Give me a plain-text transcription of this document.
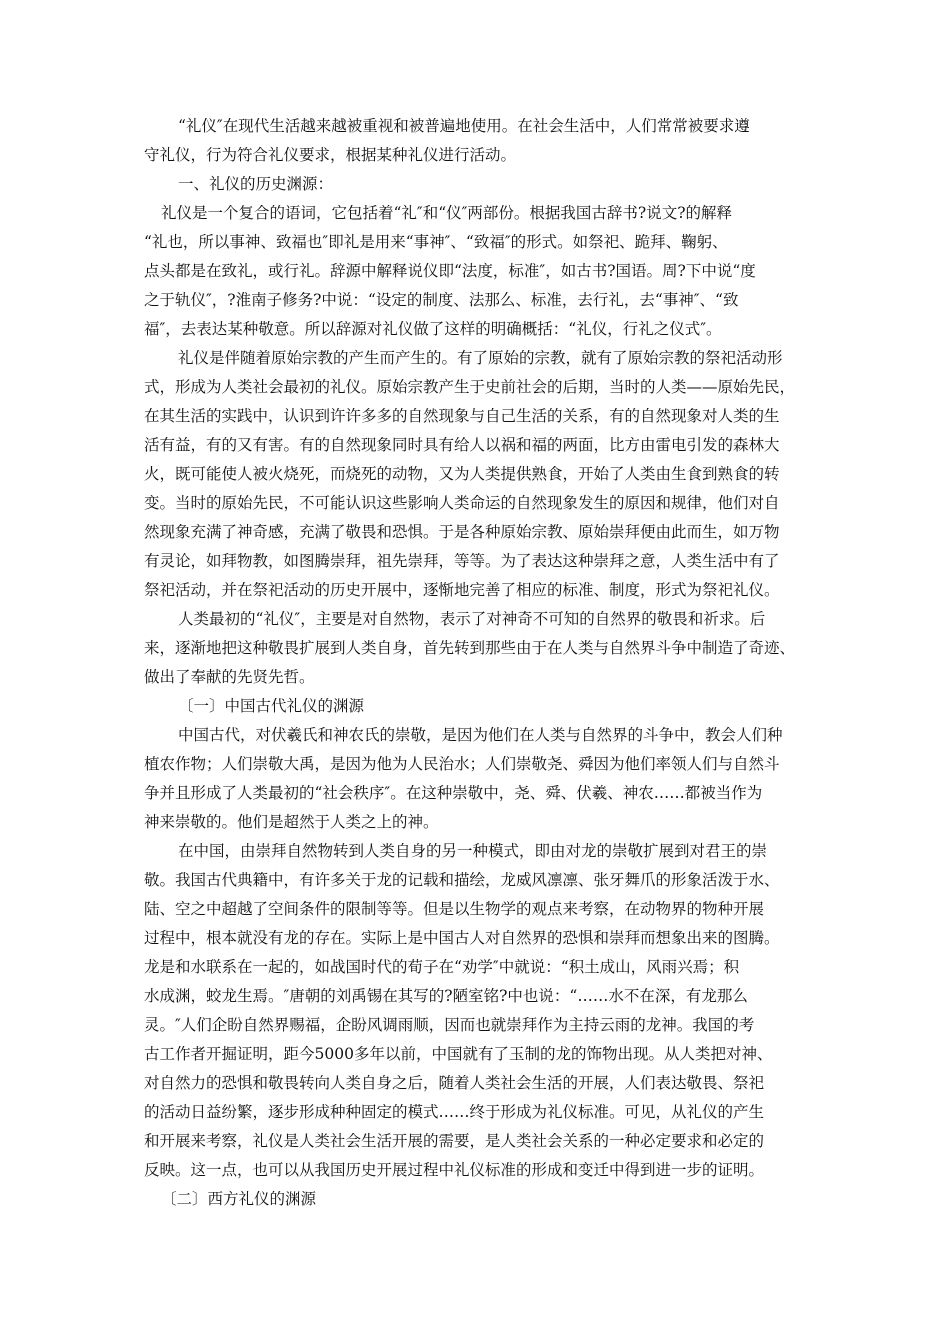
“礼仪″在现代生活越来越被重视和被普遍地使用。在社会生活中，人们常常被要求遵

守礼仪，行为符合礼仪要求，根据某种礼仪进行活动。

一、礼仪的历史渊源：

礼仪是一个复合的语词，它包括着“礼″和“仪″两部份。根据我国古辞书?说文?的解释

“礼也，所以事神、致福也″即礼是用来“事神″、“致福″的形式。如祭祀、跪拜、鞠躬、

点头都是在致礼，或行礼。辞源中解释说仪即“法度，标准″，如古书?国语。周?下中说“度

之于轨仪″，?淮南子修务?中说：“设定的制度、法那么、标准，去行礼，去“事神″、“致

福″，去表达某种敬意。所以辞源对礼仪做了这样的明确概括：“礼仪，行礼之仪式″。

礼仪是伴随着原始宗教的产生而产生的。有了原始的宗教，就有了原始宗教的祭祀活动形

式，形成为人类社会最初的礼仪。原始宗教产生于史前社会的后期，当时的人类——原始先民，

在其生活的实践中，认识到许许多多的自然现象与自己生活的关系，有的自然现象对人类的生

活有益，有的又有害。有的自然现象同时具有给人以祸和福的两面，比方由雷电引发的森林大

火，既可能使人被火烧死，而烧死的动物，又为人类提供熟食，开始了人类由生食到熟食的转

变。当时的原始先民，不可能认识这些影响人类命运的自然现象发生的原因和规律，他们对自

然现象充满了神奇感，充满了敬畏和恐惧。于是各种原始宗教、原始崇拜便由此而生，如万物

有灵论，如拜物教，如图腾崇拜，祖先崇拜，等等。为了表达这种崇拜之意，人类生活中有了

祭祀活动，并在祭祀活动的历史开展中，逐惭地完善了相应的标准、制度，形式为祭祀礼仪。

人类最初的“礼仪″，主要是对自然物，表示了对神奇不可知的自然界的敬畏和祈求。后

来，逐渐地把这种敬畏扩展到人类自身，首先转到那些由于在人类与自然界斗争中制造了奇迹、

做出了奉献的先贤先哲。

〔一〕中国古代礼仪的渊源

中国古代，对伏羲氏和神农氏的崇敬，是因为他们在人类与自然界的斗争中，教会人们种

植农作物；人们崇敬大禹，是因为他为人民治水；人们崇敬尧、舜因为他们率领人们与自然斗

争并且形成了人类最初的“社会秩序″。在这种崇敬中，尧、舜、伏羲、神农……都被当作为

神来崇敬的。他们是超然于人类之上的神。

在中国，由崇拜自然物转到人类自身的另一种模式，即由对龙的崇敬扩展到对君王的崇

敬。我国古代典籍中，有许多关于龙的记载和描绘，龙威风凛凛、张牙舞爪的形象活泼于水、

陆、空之中超越了空间条件的限制等等。但是以生物学的观点来考察，在动物界的物种开展

过程中，根本就没有龙的存在。实际上是中国古人对自然界的恐惧和崇拜而想象出来的图腾。

龙是和水联系在一起的，如战国时代的荀子在“劝学″中就说：“积土成山，风雨兴焉；积

水成渊，蛟龙生焉。″唐朝的刘禹锡在其写的?陋室铭?中也说：“……水不在深，有龙那么

灵。″人们企盼自然界赐福，企盼风调雨顺，因而也就崇拜作为主持云雨的龙神。我国的考

古工作者开掘证明，距今5000多年以前，中国就有了玉制的龙的饰物出现。从人类把对神、

对自然力的恐惧和敬畏转向人类自身之后，随着人类社会生活的开展，人们表达敬畏、祭祀

的活动日益纷繁，逐步形成种种固定的模式……终于形成为礼仪标准。可见，从礼仪的产生

和开展来考察，礼仪是人类社会生活开展的需要，是人类社会关系的一种必定要求和必定的

反映。这一点，也可以从我国历史开展过程中礼仪标准的形成和变迁中得到进一步的证明。

〔二〕西方礼仪的渊源
